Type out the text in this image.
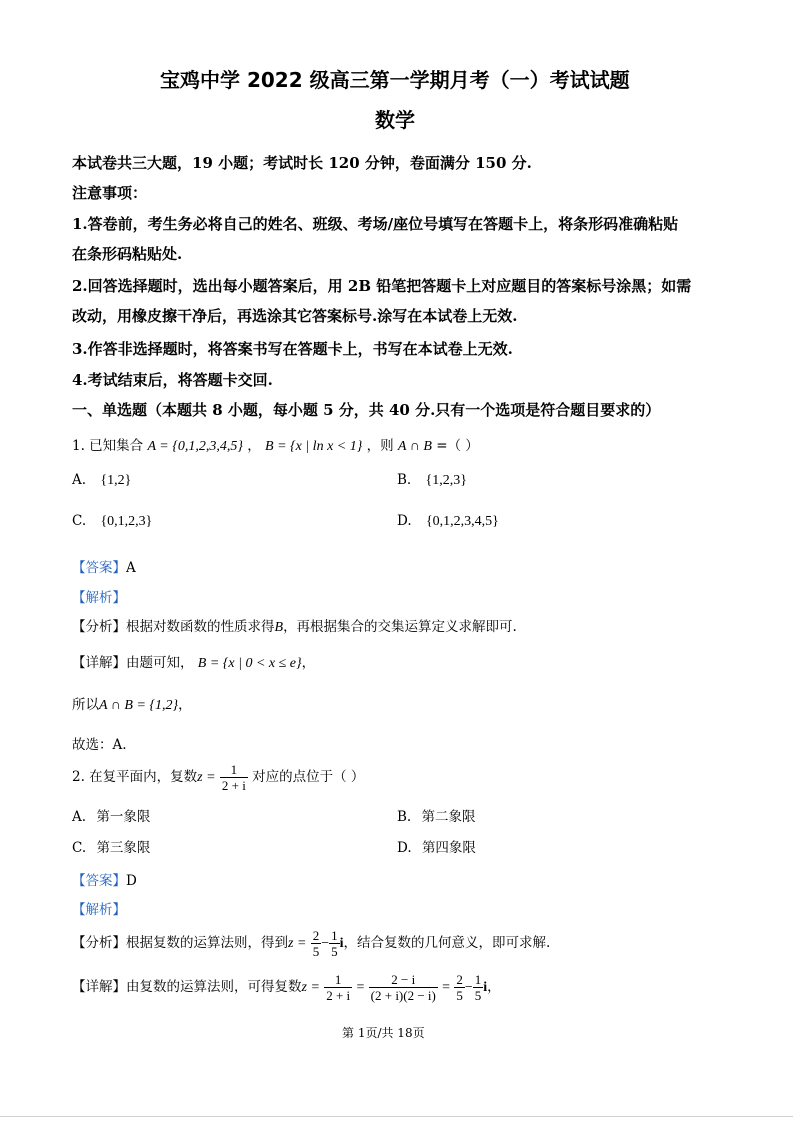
宝鸡中学 2022 级高三第一学期月考（一）考试试题
数学
本试卷共三大题，19 小题；考试时长 120 分钟，卷面满分 150 分.
注意事项：
1.答卷前，考生务必将自己的姓名、班级、考场/座位号填写在答题卡上，将条形码准确粘贴
在条形码粘贴处.
2.回答选择题时，选出每小题答案后，用 2B 铅笔把答题卡上对应题目的答案标号涂黑；如需
改动，用橡皮擦干净后，再选涂其它答案标号.涂写在本试卷上无效.
3.作答非选择题时，将答案书写在答题卡上，书写在本试卷上无效.
4.考试结束后，将答题卡交回.
一、单选题（本题共 8 小题，每小题 5 分，共 40 分.只有一个选项是符合题目要求的）
1. 已知集合 A = {0,1,2,3,4,5} ， B = {x | ln x < 1} ，则 A ∩ B =（ ）
A. {1,2}	B. {1,2,3}
C. {0,1,2,3}	D. {0,1,2,3,4,5}
【答案】A
【解析】
【分析】根据对数函数的性质求得B，再根据集合的交集运算定义求解即可.
【详解】由题可知， B = {x | 0 < x ≤ e}，
所以A ∩ B = {1,2}，
故选：A.
2. 在复平面内，复数$z = \frac{1}{2 + i}$ 对应的点位于（ ）
A. 第一象限	B. 第二象限
C. 第三象限	D. 第四象限
【答案】D
【解析】
【分析】根据复数的运算法则，得到$z = \frac{2}{5} - \frac{1}{5}$ i，结合复数的几何意义，即可求解.
【详解】由复数的运算法则，可得复数$z = \frac{1}{2 + i} = \frac{2 - i}{(2 + i)(2 - i)} = \frac{2}{5} - \frac{1}{5}$ i，
第 1页/共 18页
